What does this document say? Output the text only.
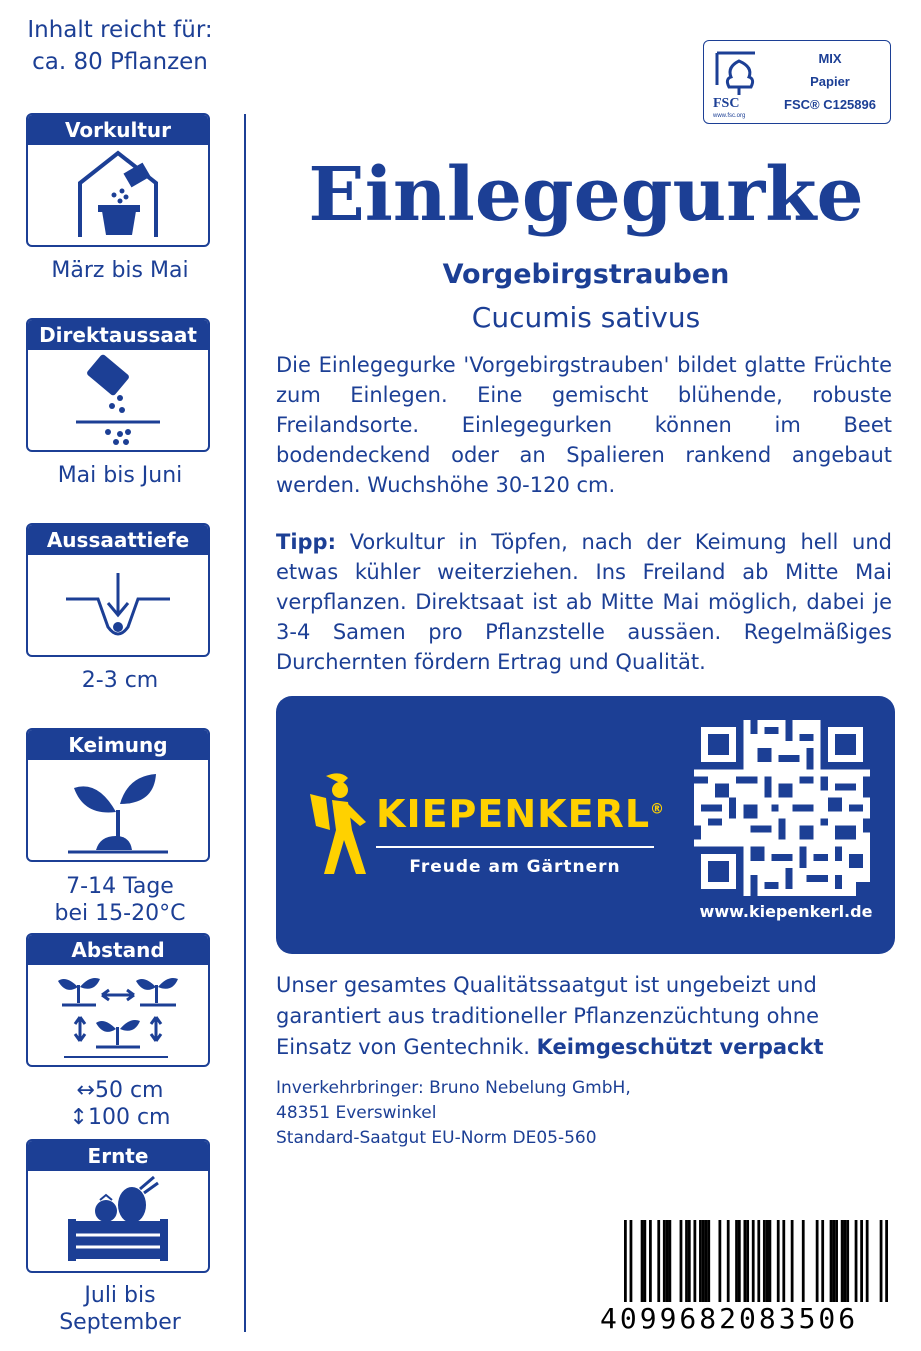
Inhalt reicht für:
ca. 80 Pflanzen
Vorkultur
März bis Mai
Direktaussaat
Mai bis Juni
Aussaattiefe
2-3 cm
Keimung
7-14 Tage
bei 15-20°C
Abstand
↔50 cm
↕100 cm
Ernte
Juli bis
September
FSC
www.fsc.org
MIX
Papier
FSC® C125896
Einlegegurke
Vorgebirgstrauben
Cucumis sativus
Die Einlegegurke 'Vorgebirgstrauben' bildet glatte Früchte zum Einlegen. Eine gemischt blühende, robuste Freilandsorte. Einlegegurken können im Beet bodendeckend oder an Spalieren rankend angebaut werden. Wuchshöhe 30-120 cm.
Tipp: Vorkultur in Töpfen, nach der Keimung hell und etwas kühler weiterziehen. Ins Freiland ab Mitte Mai verpflanzen. Direktsaat ist ab Mitte Mai möglich, dabei je 3-4 Samen pro Pflanzstelle aussäen. Regelmäßiges Durchernten fördern Ertrag und Qualität.
KIEPENKERL®
Freude am Gärtnern
www.kiepenkerl.de
Unser gesamtes Qualitätssaatgut ist ungebeizt und garantiert aus traditioneller Pflanzenzüchtung ohne Einsatz von Gentechnik. Keimgeschützt verpackt
Inverkehrbringer: Bruno Nebelung GmbH,
48351 Everswinkel
Standard-Saatgut EU-Norm DE05-560
4099682083506
